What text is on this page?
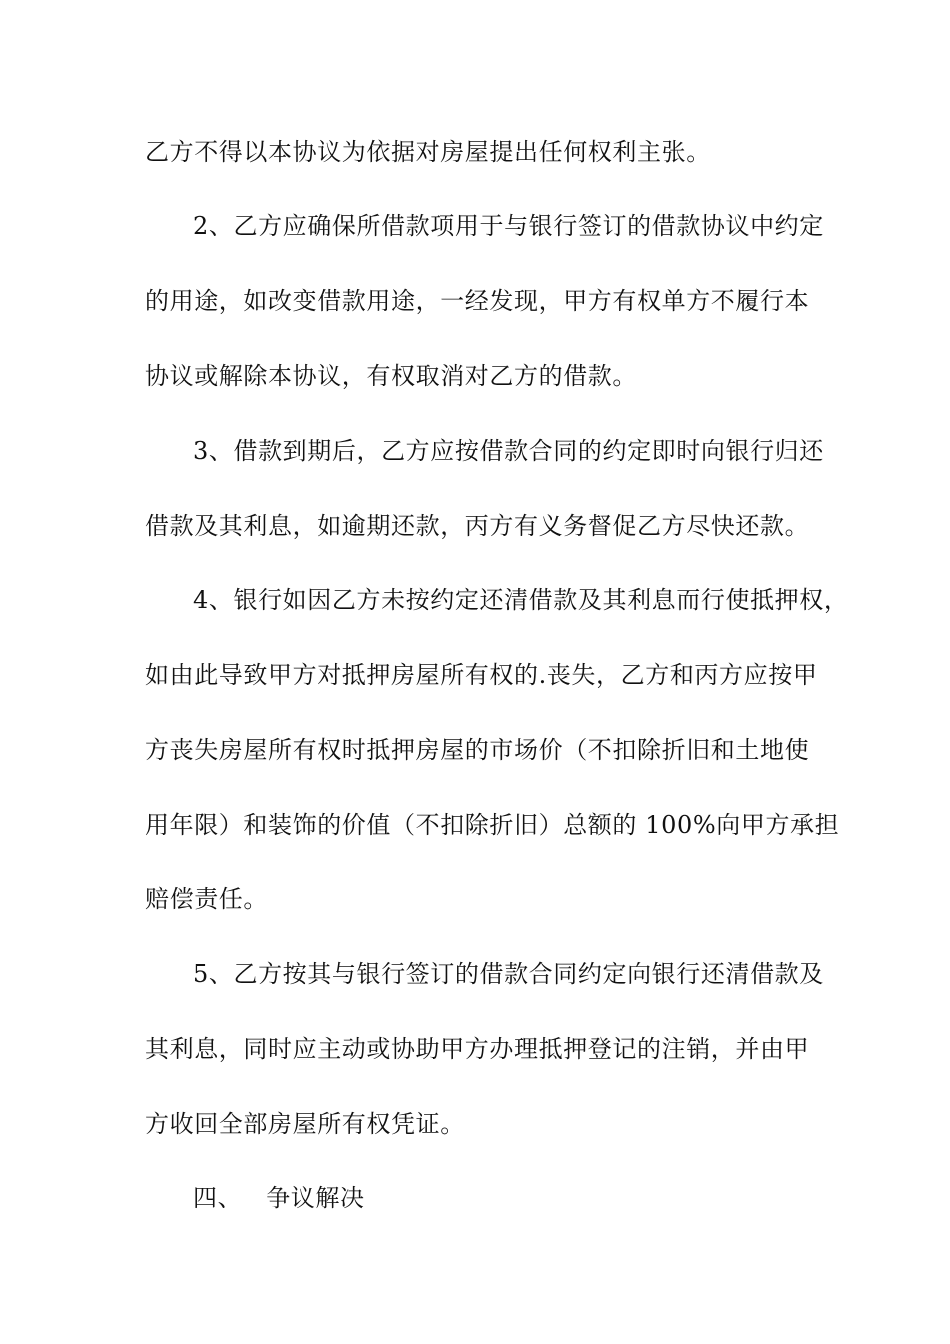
乙方不得以本协议为依据对房屋提出任何权利主张。
2、乙方应确保所借款项用于与银行签订的借款协议中约定
的用途，如改变借款用途，一经发现，甲方有权单方不履行本
协议或解除本协议，有权取消对乙方的借款。
3、借款到期后，乙方应按借款合同的约定即时向银行归还
借款及其利息，如逾期还款，丙方有义务督促乙方尽快还款。
4、银行如因乙方未按约定还清借款及其利息而行使抵押权，
如由此导致甲方对抵押房屋所有权的.丧失，乙方和丙方应按甲
方丧失房屋所有权时抵押房屋的市场价（不扣除折旧和土地使
用年限）和装饰的价值（不扣除折旧）总额的 100%向甲方承担
赔偿责任。
5、乙方按其与银行签订的借款合同约定向银行还清借款及
其利息，同时应主动或协助甲方办理抵押登记的注销，并由甲
方收回全部房屋所有权凭证。
四、 争议解决
